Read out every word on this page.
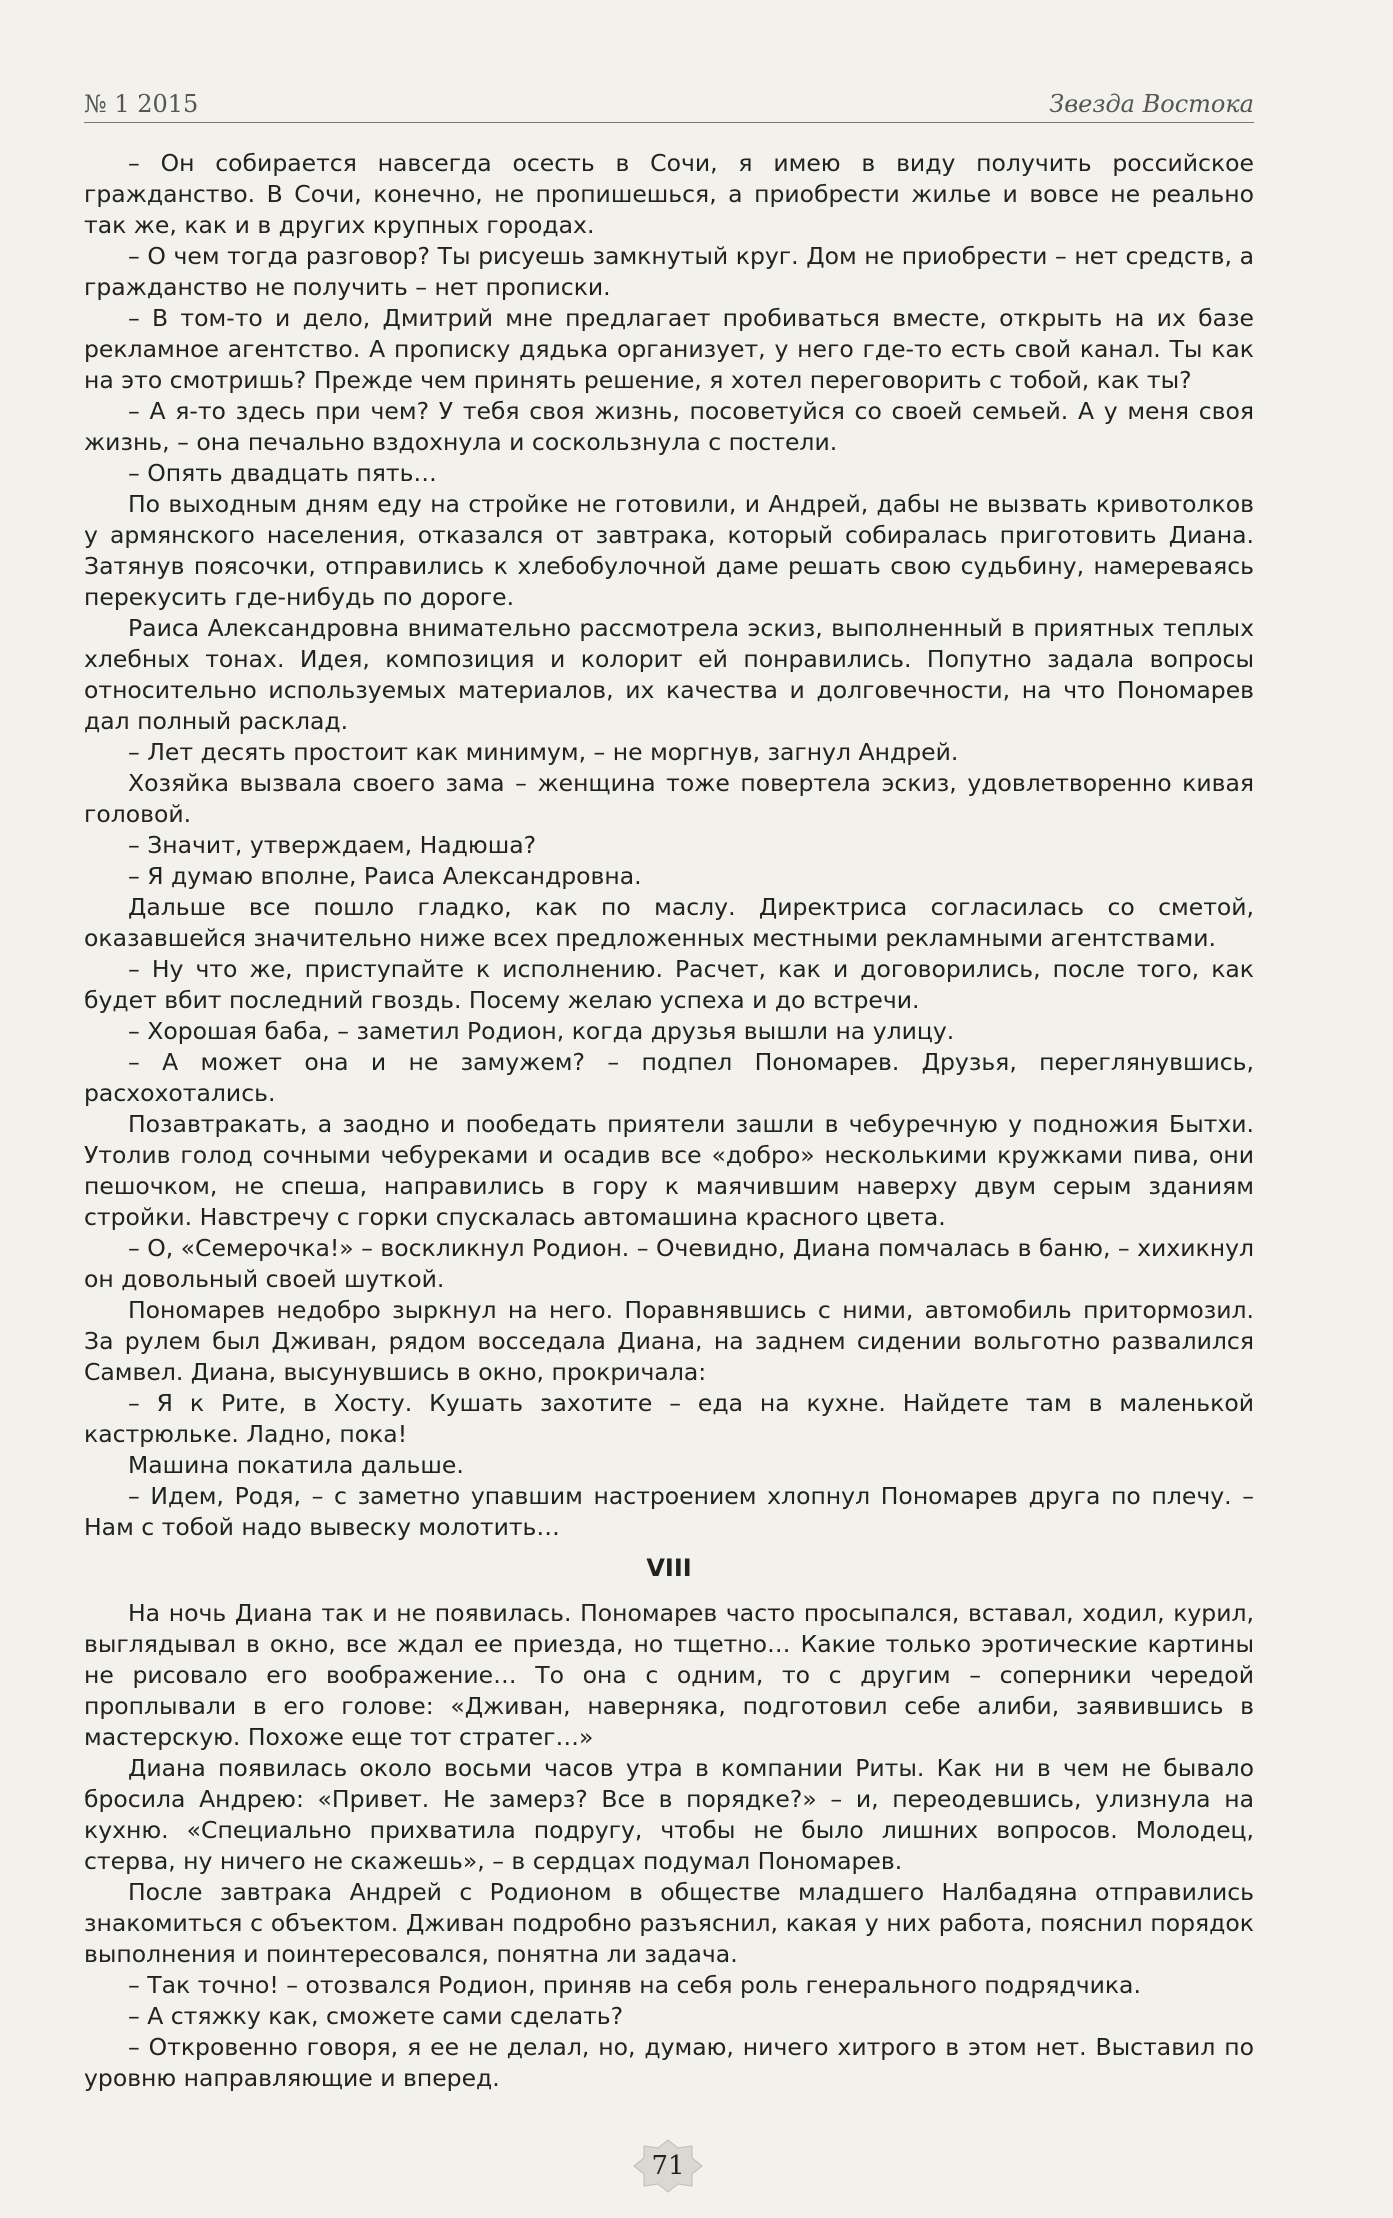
№ 1 2015	Звезда Востока

– Он собирается навсегда осесть в Сочи, я имею в виду получить российское гражданство. В Сочи, конечно, не пропишешься, а приобрести жилье и вовсе не реально так же, как и в других крупных городах.

– О чем тогда разговор? Ты рисуешь замкнутый круг. Дом не приобрести – нет средств, а гражданство не получить – нет прописки.

– В том-то и дело, Дмитрий мне предлагает пробиваться вместе, открыть на их базе рекламное агентство. А прописку дядька организует, у него где-то есть свой канал. Ты как на это смотришь? Прежде чем принять решение, я хотел переговорить с тобой, как ты?

– А я-то здесь при чем? У тебя своя жизнь, посоветуйся со своей семьей. А у меня своя жизнь, – она печально вздохнула и соскользнула с постели.

– Опять двадцать пять…

По выходным дням еду на стройке не готовили, и Андрей, дабы не вызвать кривотолков у армянского населения, отказался от завтрака, который собиралась приготовить Диана. Затянув поясочки, отправились к хлебобулочной даме решать свою судьбину, намереваясь перекусить где-нибудь по дороге.

Раиса Александровна внимательно рассмотрела эскиз, выполненный в приятных теплых хлебных тонах. Идея, композиция и колорит ей понравились. Попутно задала вопросы относительно используемых материалов, их качества и долговечности, на что Пономарев дал полный расклад.

– Лет десять простоит как минимум, – не моргнув, загнул Андрей.

Хозяйка вызвала своего зама – женщина тоже повертела эскиз, удовлетворенно кивая головой.

– Значит, утверждаем, Надюша?

– Я думаю вполне, Раиса Александровна.

Дальше все пошло гладко, как по маслу. Директриса согласилась со сметой, оказавшейся значительно ниже всех предложенных местными рекламными агентствами.

– Ну что же, приступайте к исполнению. Расчет, как и договорились, после того, как будет вбит последний гвоздь. Посему желаю успеха и до встречи.

– Хорошая баба, – заметил Родион, когда друзья вышли на улицу.

– А может она и не замужем? – подпел Пономарев. Друзья, переглянувшись, расхохотались.

Позавтракать, а заодно и пообедать приятели зашли в чебуречную у подножия Бытхи. Утолив голод сочными чебуреками и осадив все «добро» несколькими кружками пива, они пешочком, не спеша, направились в гору к маячившим наверху двум серым зданиям стройки. Навстречу с горки спускалась автомашина красного цвета.

– О, «Семерочка!» – воскликнул Родион. – Очевидно, Диана помчалась в баню, – хихикнул он довольный своей шуткой.

Пономарев недобро зыркнул на него. Поравнявшись с ними, автомобиль притормозил. За рулем был Дживан, рядом восседала Диана, на заднем сидении вольготно развалился Самвел. Диана, высунувшись в окно, прокричала:

– Я к Рите, в Хосту. Кушать захотите – еда на кухне. Найдете там в маленькой кастрюльке. Ладно, пока!

Машина покатила дальше.

– Идем, Родя, – с заметно упавшим настроением хлопнул Пономарев друга по плечу. – Нам с тобой надо вывеску молотить…

VIII

На ночь Диана так и не появилась. Пономарев часто просыпался, вставал, ходил, курил, выглядывал в окно, все ждал ее приезда, но тщетно… Какие только эротические картины не рисовало его воображение… То она с одним, то с другим – соперники чередой проплывали в его голове: «Дживан, наверняка, подготовил себе алиби, заявившись в мастерскую. Похоже еще тот стратег…»

Диана появилась около восьми часов утра в компании Риты. Как ни в чем не бывало бросила Андрею: «Привет. Не замерз? Все в порядке?» – и, переодевшись, улизнула на кухню. «Специально прихватила подругу, чтобы не было лишних вопросов. Молодец, стерва, ну ничего не скажешь», – в сердцах подумал Пономарев.

После завтрака Андрей с Родионом в обществе младшего Налбадяна отправились знакомиться с объектом. Дживан подробно разъяснил, какая у них работа, пояснил порядок выполнения и поинтересовался, понятна ли задача.

– Так точно! – отозвался Родион, приняв на себя роль генерального подрядчика.

– А стяжку как, сможете сами сделать?

– Откровенно говоря, я ее не делал, но, думаю, ничего хитрого в этом нет. Выставил по уровню направляющие и вперед.

71
